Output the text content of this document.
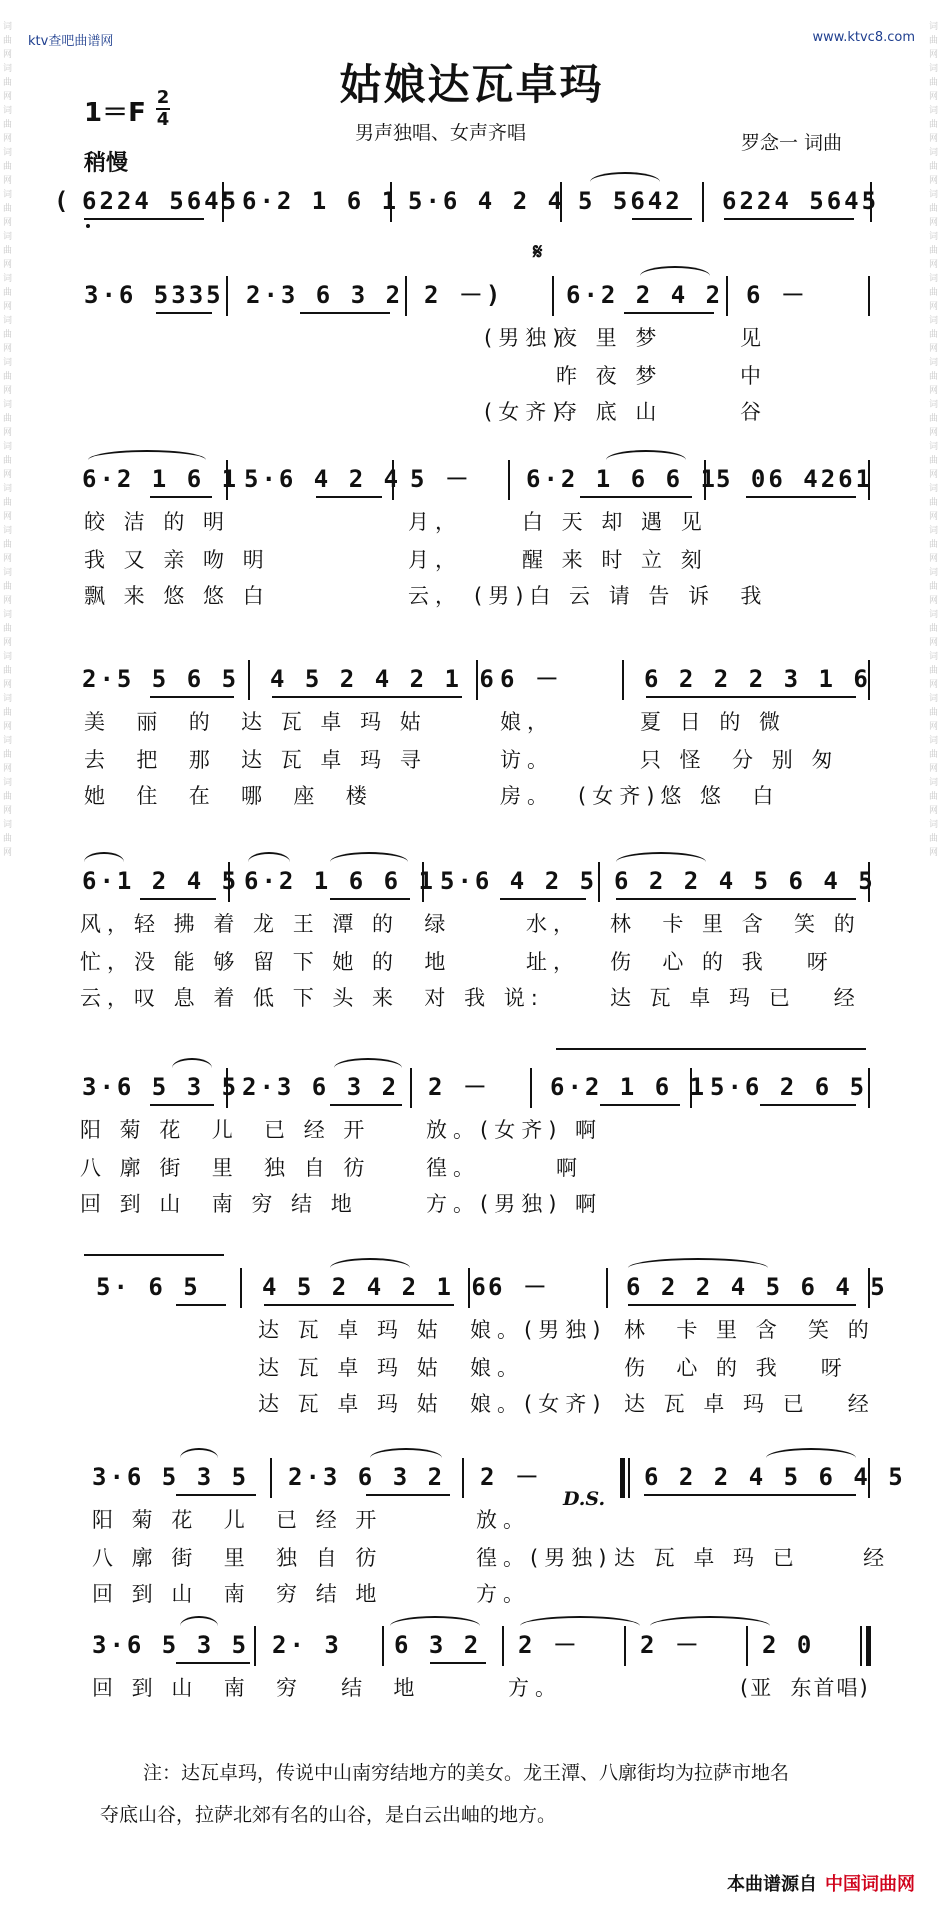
词曲网词曲网词曲网词曲网词曲网词曲网词曲网词曲网词曲网词曲网词曲网词曲网词曲网词曲网词曲网词曲网词曲网词曲网词曲网词曲网
词曲网词曲网词曲网词曲网词曲网词曲网词曲网词曲网词曲网词曲网词曲网词曲网词曲网词曲网词曲网词曲网词曲网词曲网词曲网词曲网
ktv查吧曲谱网	www.ktvc8.com
姑娘达瓦卓玛
1＝F
2
4
稍慢
男声独唱、女声齐唱	罗念一 词曲
( 6224 5645 6·2 1 6 1 5·6 4 2 4 5 5642 6224 5645
3·6 5335 2·3 6 3 2 2 －)	6·2 2 4 2 6 －
𝄋
(男独)
夜 里 梦	见
昨 夜 梦	中
(女齐)
夺 底 山	谷
6·2 1 6 1 5·6 4 2 4 5 － 6·2 1 6 6 1
5 06 4261
皎 洁 的 明	月，	白 天 却 遇 见
我 又 亲 吻 明	月，	醒 来 时 立 刻
飘 来 悠 悠 白	云， (男)白 云 请 告 诉  我
2·5 5 6 5 4 5 2 4 2 1 6 6 －	6 2 2 2 3 1 6
美  丽  的  达 瓦 卓 玛 姑	娘，	夏 日 的 微
去  把  那  达 瓦 卓 玛 寻	访。	只 怪  分 别 匆
她  住  在  哪  座  楼	房。 (女齐)悠 悠  白
6·1 2 4 5 6·2 1 6 6 1 5·6 4 2 5 6 2 2 4 5 6 4 5
风，轻 拂 着 龙 王 潭 的  绿	水， 林  卡 里 含  笑 的
忙，没 能 够 留 下 她 的  地	址， 伤  心 的 我   呀
云，叹 息 着 低 下 头 来  对 我 说:	达 瓦 卓 玛 已   经
3·6 5 3 5 2·3 6 3 2 2 －	6·2 1 6 1 5·6 2 6 5
阳 菊 花  儿  已 经 开	放。(女齐) 啊
八 廓 街  里  独 自 彷	徨。      啊
回 到 山  南 穷 结 地	方。(男独) 啊
5· 6 5	4 5 2 4 2 1 6 6 －	6 2 2 4 5 6 4 5
达 瓦 卓 玛 姑 娘。(男独) 林  卡 里 含  笑 的
达 瓦 卓 玛 姑 娘。	伤  心 的 我   呀
达 瓦 卓 玛 姑 娘。(女齐) 达 瓦 卓 玛 已   经
3·6 5 3 5 2·3 6 3 2 2 －	6 2 2 4 5 6 4 5
阳 菊 花  儿  已 经 开	放。
八 廓 街  里  独 自 彷	徨。(男独) 达 瓦 卓 玛 已     经
回 到 山  南  穷 结 地	方。
D.S.
3·6 5 3 5 2· 3 6 3 2 2 －	2 －	2 0
回 到 山  南  穷   结  地	方。	(亚  东首唱)
注：达瓦卓玛，传说中山南穷结地方的美女。龙王潭、八廓街均为拉萨市地名
夺底山谷，拉萨北郊有名的山谷，是白云出岫的地方。
本曲谱源自 中国词曲网
